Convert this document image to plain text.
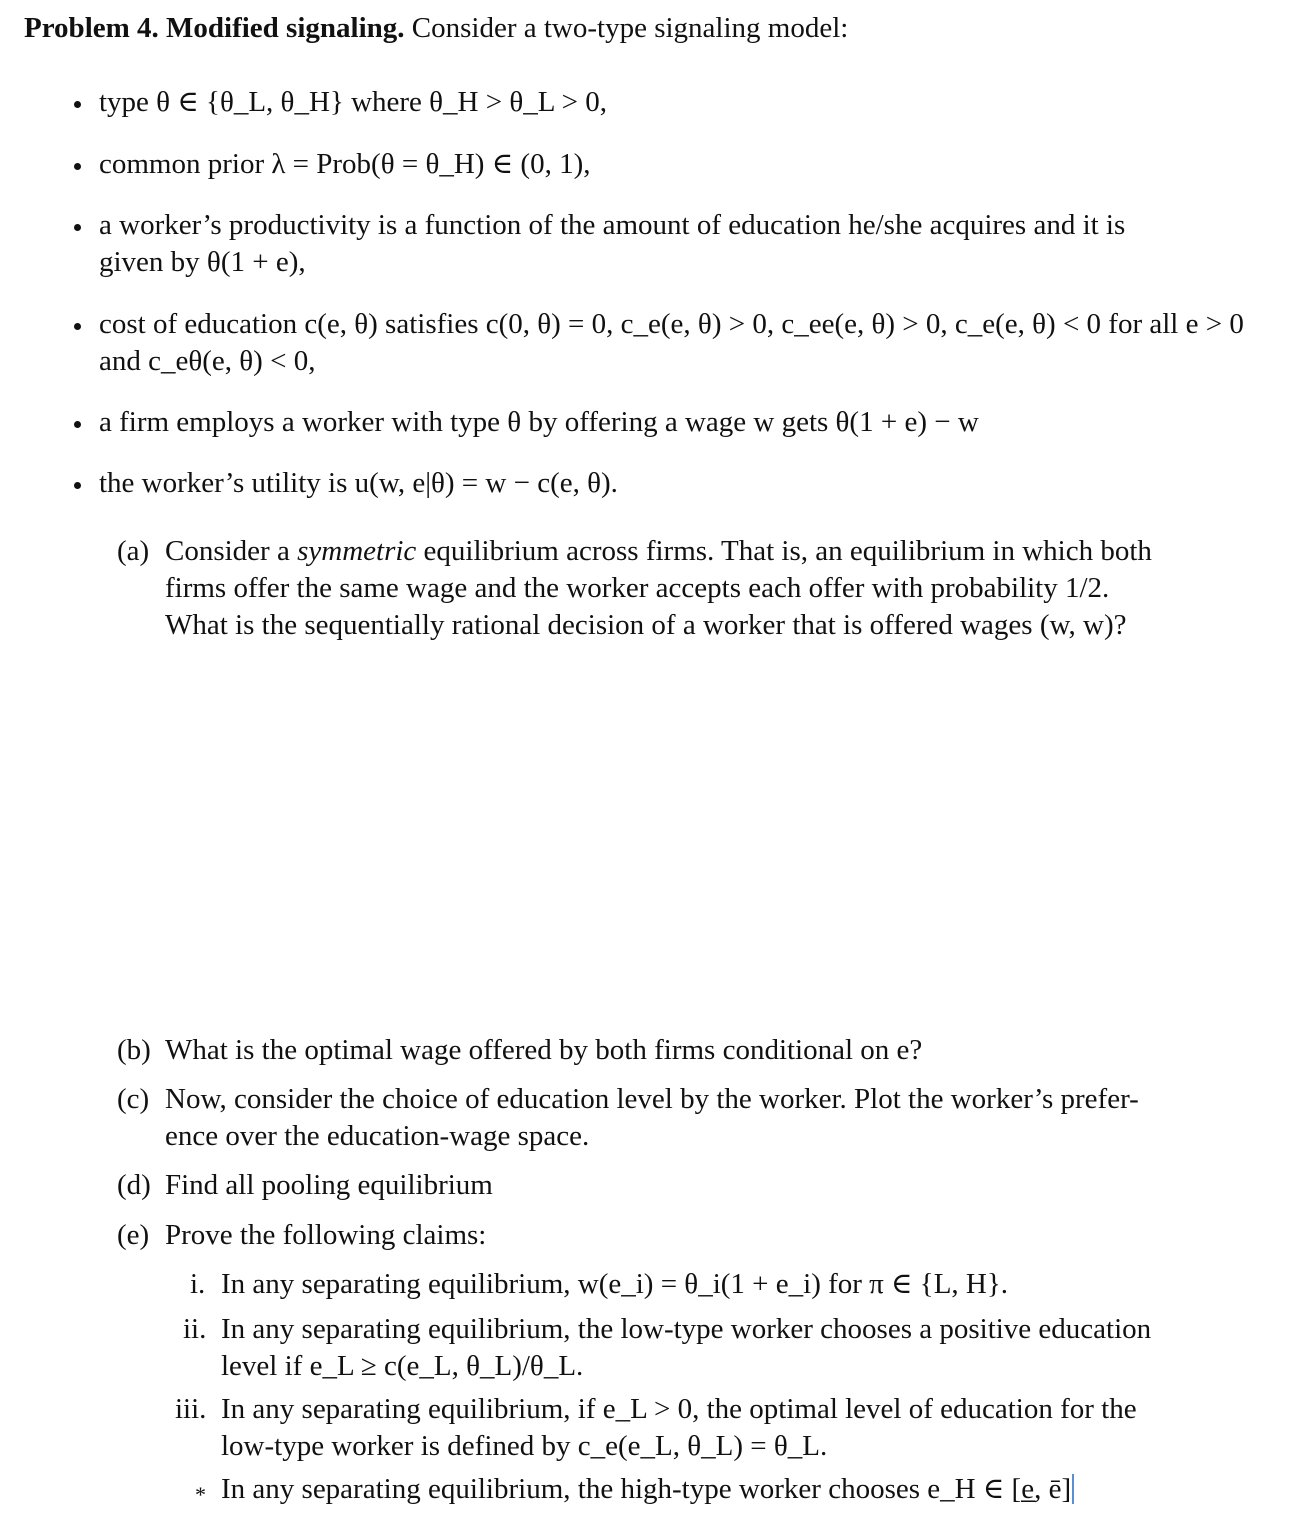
Problem 4. Modified signaling. Consider a two-type signaling model:
type θ ∈ {θ_L, θ_H} where θ_H > θ_L > 0,
common prior λ = Prob(θ = θ_H) ∈ (0, 1),
a worker’s productivity is a function of the amount of education he/she acquires and it is
given by θ(1 + e),
cost of education c(e, θ) satisfies c(0, θ) = 0, c_e(e, θ) > 0, c_ee(e, θ) > 0, c_e(e, θ) < 0 for all e > 0
and c_eθ(e, θ) < 0,
a firm employs a worker with type θ by offering a wage w gets θ(1 + e) − w
the worker’s utility is u(w, e|θ) = w − c(e, θ).
(a) Consider a symmetric equilibrium across firms. That is, an equilibrium in which both
firms offer the same wage and the worker accepts each offer with probability 1/2.
What is the sequentially rational decision of a worker that is offered wages (w, w)?
(b) What is the optimal wage offered by both firms conditional on e?
(c) Now, consider the choice of education level by the worker. Plot the worker’s prefer-
ence over the education-wage space.
(d) Find all pooling equilibrium
(e) Prove the following claims:
i. In any separating equilibrium, w(e_i) = θ_i(1 + e_i) for π ∈ {L, H}.
ii. In any separating equilibrium, the low-type worker chooses a positive education
level if e_L ≥ c(e_L, θ_L)/θ_L.
iii. In any separating equilibrium, if e_L > 0, the optimal level of education for the
low-type worker is defined by c_e(e_L, θ_L) = θ_L.
* In any separating equilibrium, the high-type worker chooses e_H ∈ [e̲, ē]
